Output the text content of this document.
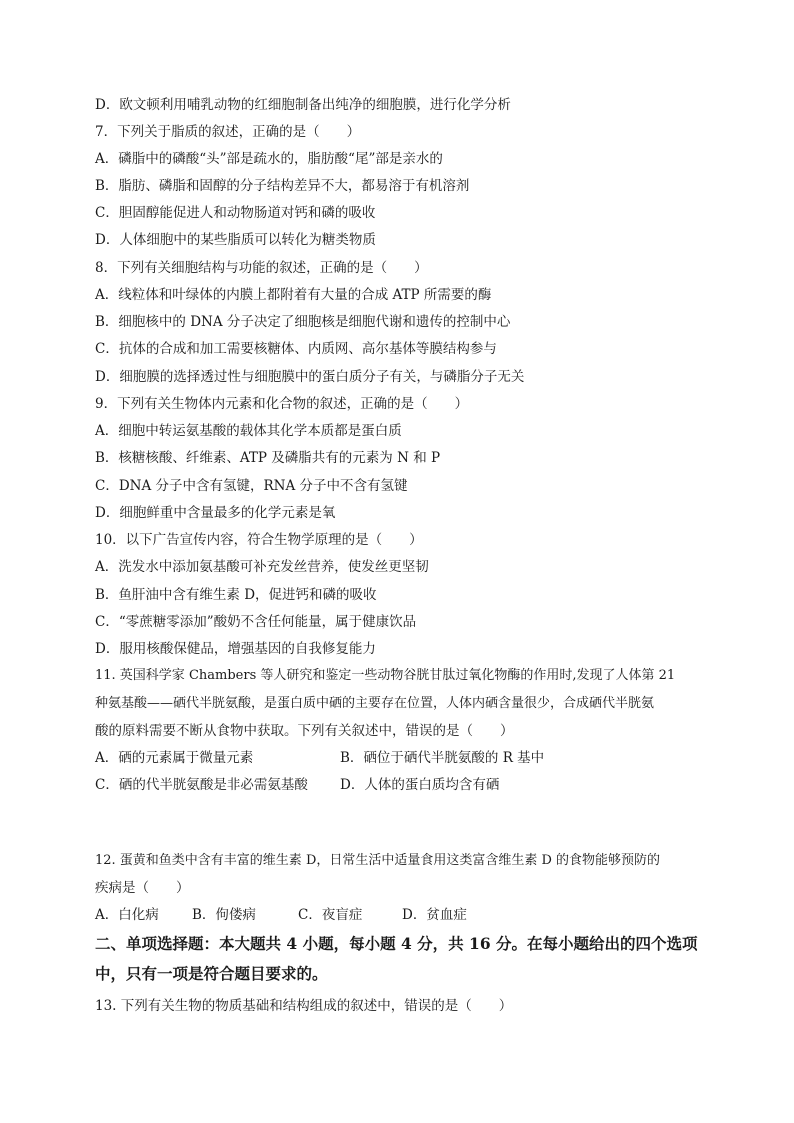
D．欧文顿利用哺乳动物的红细胞制备出纯净的细胞膜，进行化学分析
7．下列关于脂质的叙述，正确的是（　　）
A．磷脂中的磷酸“头”部是疏水的，脂肪酸“尾”部是亲水的
B．脂肪、磷脂和固醇的分子结构差异不大，都易溶于有机溶剂
C．胆固醇能促进人和动物肠道对钙和磷的吸收
D．人体细胞中的某些脂质可以转化为糖类物质
8．下列有关细胞结构与功能的叙述，正确的是（　　）
A．线粒体和叶绿体的内膜上都附着有大量的合成 ATP 所需要的酶
B．细胞核中的 DNA 分子决定了细胞核是细胞代谢和遗传的控制中心
C．抗体的合成和加工需要核糖体、内质网、高尔基体等膜结构参与
D．细胞膜的选择透过性与细胞膜中的蛋白质分子有关，与磷脂分子无关
9．下列有关生物体内元素和化合物的叙述，正确的是（　　）
A．细胞中转运氨基酸的载体其化学本质都是蛋白质
B．核糖核酸、纤维素、ATP 及磷脂共有的元素为 N 和 P
C．DNA 分子中含有氢键，RNA 分子中不含有氢键
D．细胞鲜重中含量最多的化学元素是氧
10．以下广告宣传内容，符合生物学原理的是（　　）
A．洗发水中添加氨基酸可补充发丝营养，使发丝更坚韧
B．鱼肝油中含有维生素 D，促进钙和磷的吸收
C．“零蔗糖零添加”酸奶不含任何能量，属于健康饮品
D．服用核酸保健品，增强基因的自我修复能力
11. 英国科学家 Chambers 等人研究和鉴定一些动物谷胱甘肽过氧化物酶的作用时,发现了人体第 21
种氨基酸——硒代半胱氨酸，是蛋白质中硒的主要存在位置，人体内硒含量很少，合成硒代半胱氨
酸的原料需要不断从食物中获取。下列有关叙述中，错误的是（　　）
A．硒的元素属于微量元素	B．硒位于硒代半胱氨酸的 R 基中
C．硒的代半胱氨酸是非必需氨基酸 D．人体的蛋白质均含有硒
12. 蛋黄和鱼类中含有丰富的维生素 D，日常生活中适量食用这类富含维生素 D 的食物能够预防的
疾病是（　　）
A．白化病 B．佝偻病	C．夜盲症	D．贫血症
二、单项选择题：本大题共 4 小题，每小题 4 分，共 16 分。在每小题给出的四个选项
中，只有一项是符合题目要求的。
13. 下列有关生物的物质基础和结构组成的叙述中，错误的是（　　）
